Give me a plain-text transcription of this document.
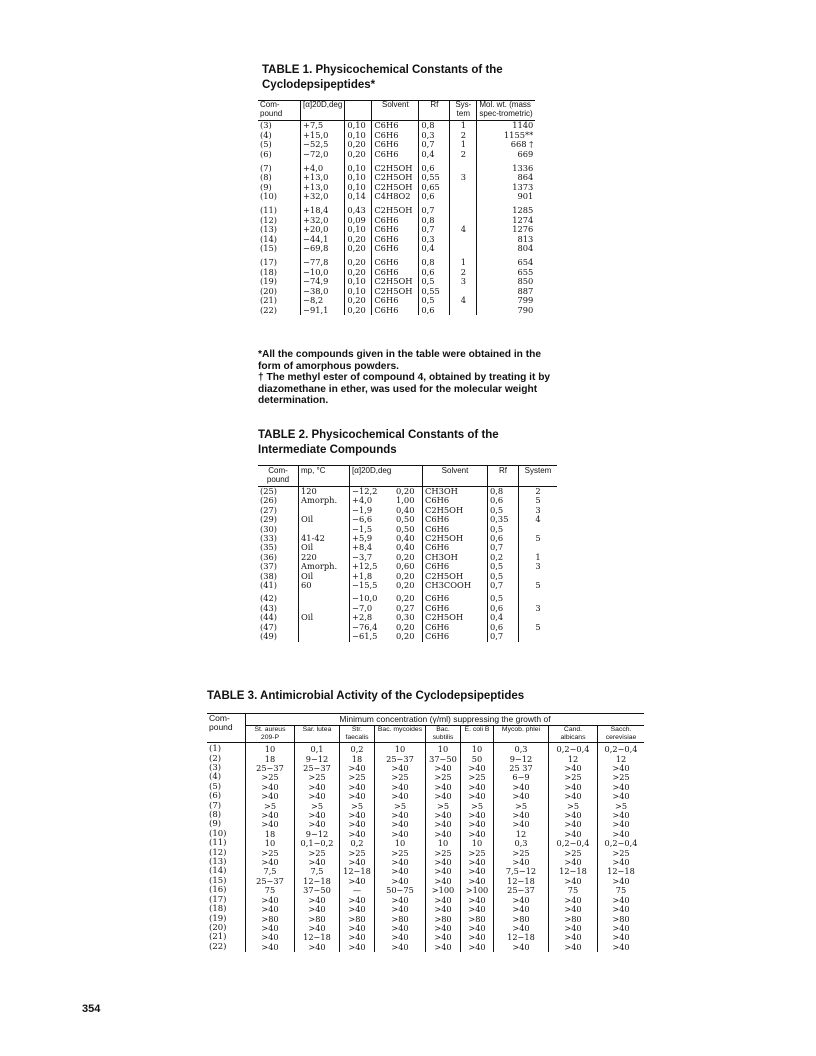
TABLE 1. Physicochemical Constants of the
Cyclodepsipeptides*
Com-pound	[α]20D,deg		Solvent	Rf	Sys-tem	Mol. wt. (mass spec-trometric)
(3)	+7,5	0,10	C6H6	0,8	1	1140
(4)	+15,0	0,10	C6H6	0,3	2	1155**
(5)	−52,5	0,20	C6H6	0,7	1	668 †
(6)	−72,0	0,20	C6H6	0,4	2	669
(7)	+4,0	0,10	C2H5OH	0,6		1336
(8)	+13,0	0,10	C2H5OH	0,55	3	864
(9)	+13,0	0,10	C2H5OH	0,65		1373
(10)	+32,0	0,14	C4H8O2	0,6		901
(11)	+18,4	0,43	C2H5OH	0,7		1285
(12)	+32,0	0,09	C6H6	0,8		1274
(13)	+20,0	0,10	C6H6	0,7	4	1276
(14)	−44,1	0,20	C6H6	0,3		813
(15)	−69,8	0,20	C6H6	0,4		804
(17)	−77,8	0,20	C6H6	0,8	1	654
(18)	−10,0	0,20	C6H6	0,6	2	655
(19)	−74,9	0,10	C2H5OH	0,5	3	850
(20)	−38,0	0,10	C2H5OH	0,55		887
(21)	−8,2	0,20	C6H6	0,5	4	799
(22)	−91,1	0,20	C6H6	0,6		790
*All the compounds given in the table were obtained in the form of amorphous powders.
† The methyl ester of compound 4, obtained by treating it by diazomethane in ether, was used for the molecular weight determination.
TABLE 2. Physicochemical Constants of the
Intermediate Compounds
Com-pound	mp, °C	[α]20D,deg		Solvent	Rf	System
(25)	120	−12,2	0,20	CH3OH	0,8	2
(26)	Amorph.	+4,0	1,00	C6H6	0,6	5
(27)		−1,9	0,40	C2H5OH	0,5	3
(29)	Oil	−6,6	0,50	C6H6	0,35	4
(30)		−1,5	0,50	C6H6	0,5	
(33)	41-42	+5,9	0,40	C2H5OH	0,6	5
(35)	Oil	+8,4	0,40	C6H6	0,7	
(36)	220	−3,7	0,20	CH3OH	0,2	1
(37)	Amorph.	+12,5	0,60	C6H6	0,5	3
(38)	Oil	+1,8	0,20	C2H5OH	0,5	
(41)	60	−15,5	0,20	CH3COOH	0,7	5
(42)		−10,0	0,20	C6H6	0,5	
(43)		−7,0	0,27	C6H6	0,6	3
(44)	Oil	+2,8	0,30	C2H5OH	0,4	
(47)		−76,4	0,20	C6H6	0,6	5
(49)		−61,5	0,20	C6H6	0,7	
TABLE 3. Antimicrobial Activity of the Cyclodepsipeptides
Com-pound	Minimum concentration (γ/ml) suppressing the growth of								
	St. aureus 209-P	Sar. lutea	Str. faecalis	Bac. mycoides	Bac. subtilis	E. coli B	Mycob. phlei	Cand. albicans	Sacch. cerevisiae
(1)	10	0,1	0,2	10	10	10	0,3	0,2−0,4	0,2−0,4
(2)	18	9−12	18	25−37	37−50	50	9−12	12	12
(3)	25−37	25−37	>40	>40	>40	>40	25 37	>40	>40
(4)	>25	>25	>25	>25	>25	>25	6−9	>25	>25
(5)	>40	>40	>40	>40	>40	>40	>40	>40	>40
(6)	>40	>40	>40	>40	>40	>40	>40	>40	>40
(7)	>5	>5	>5	>5	>5	>5	>5	>5	>5
(8)	>40	>40	>40	>40	>40	>40	>40	>40	>40
(9)	>40	>40	>40	>40	>40	>40	>40	>40	>40
(10)	18	9−12	>40	>40	>40	>40	12	>40	>40
(11)	10	0,1−0,2	0,2	10	10	10	0,3	0,2−0,4	0,2−0,4
(12)	>25	>25	>25	>25	>25	>25	>25	>25	>25
(13)	>40	>40	>40	>40	>40	>40	>40	>40	>40
(14)	7,5	7,5	12−18	>40	>40	>40	7,5−12	12−18	12−18
(15)	25−37	12−18	>40	>40	>40	>40	12−18	>40	>40
(16)	75	37−50	—	50−75	>100	>100	25−37	75	75
(17)	>40	>40	>40	>40	>40	>40	>40	>40	>40
(18)	>40	>40	>40	>40	>40	>40	>40	>40	>40
(19)	>80	>80	>80	>80	>80	>80	>80	>80	>80
(20)	>40	>40	>40	>40	>40	>40	>40	>40	>40
(21)	>40	12−18	>40	>40	>40	>40	12−18	>40	>40
(22)	>40	>40	>40	>40	>40	>40	>40	>40	>40
354
